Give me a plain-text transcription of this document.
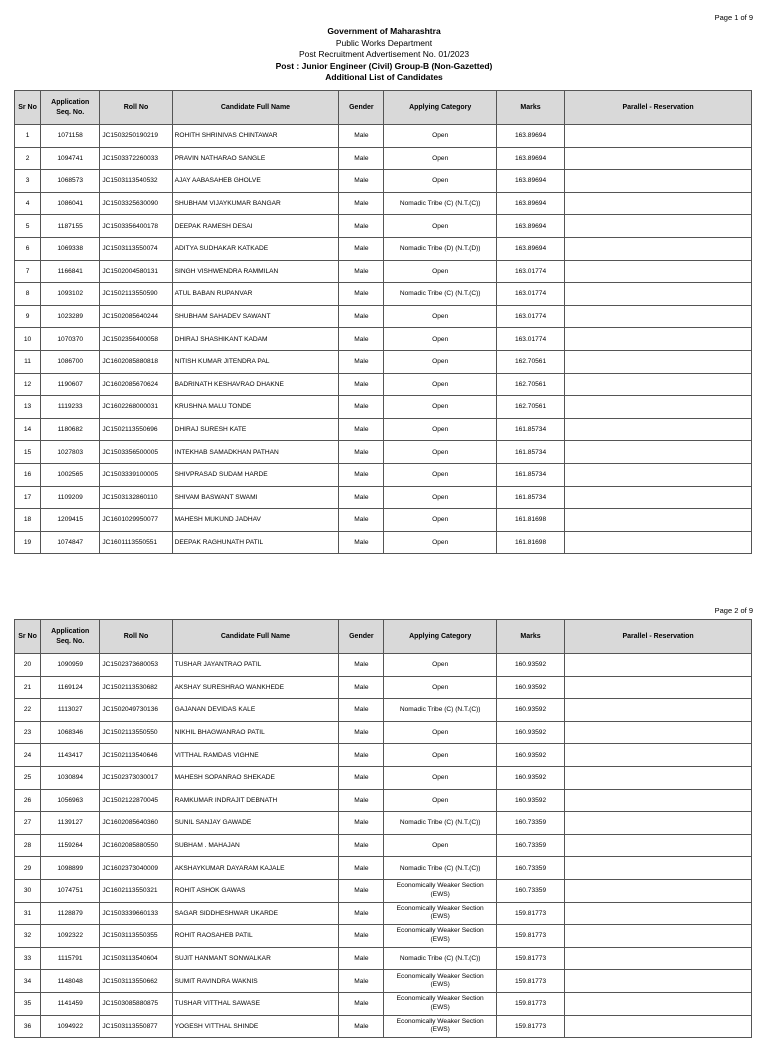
Page 1 of 9
Government of Maharashtra
Public Works Department
Post Recruitment Advertisement No. 01/2023
Post : Junior Engineer (Civil) Group-B (Non-Gazetted)
Additional List of Candidates
Sr No	Application Seq. No.	Roll No	Candidate Full Name	Gender	Applying Category	Marks	Parallel - Reservation
1	1071158	JC1503250190219	ROHITH SHRINIVAS CHINTAWAR	Male	Open	163.89694	
2	1094741	JC1503372260033	PRAVIN NATHARAO SANGLE	Male	Open	163.89694	
3	1068573	JC1503113540532	AJAY AABASAHEB GHOLVE	Male	Open	163.89694	
4	1086041	JC1503325630090	SHUBHAM VIJAYKUMAR BANGAR	Male	Nomadic Tribe (C) (N.T.(C))	163.89694	
5	1187155	JC1503356400178	DEEPAK RAMESH DESAI	Male	Open	163.89694	
6	1069338	JC1503113550074	ADITYA SUDHAKAR KATKADE	Male	Nomadic Tribe (D) (N.T.(D))	163.89694	
7	1166841	JC1502004580131	SINGH VISHWENDRA RAMMILAN	Male	Open	163.01774	
8	1093102	JC1502113550590	ATUL BABAN RUPANVAR	Male	Nomadic Tribe (C) (N.T.(C))	163.01774	
9	1023289	JC1502085640244	SHUBHAM SAHADEV SAWANT	Male	Open	163.01774	
10	1070370	JC1502356400058	DHIRAJ SHASHIKANT KADAM	Male	Open	163.01774	
11	1086700	JC1602085880818	NITISH KUMAR JITENDRA PAL	Male	Open	162.70561	
12	1190607	JC1602085670624	BADRINATH KESHAVRAO DHAKNE	Male	Open	162.70561	
13	1119233	JC1602268000031	KRUSHNA MALU TONDE	Male	Open	162.70561	
14	1180682	JC1502113550696	DHIRAJ SURESH KATE	Male	Open	161.85734	
15	1027803	JC1503356500005	INTEKHAB SAMADKHAN PATHAN	Male	Open	161.85734	
16	1002565	JC1503339100005	SHIVPRASAD SUDAM HARDE	Male	Open	161.85734	
17	1109209	JC1503132860110	SHIVAM BASWANT SWAMI	Male	Open	161.85734	
18	1209415	JC1601029950077	MAHESH MUKUND JADHAV	Male	Open	161.81698	
19	1074847	JC1601113550551	DEEPAK RAGHUNATH PATIL	Male	Open	161.81698	
Page 2 of 9
Sr No	Application Seq. No.	Roll No	Candidate Full Name	Gender	Applying Category	Marks	Parallel - Reservation
20	1090959	JC1502373680053	TUSHAR JAYANTRAO PATIL	Male	Open	160.93592	
21	1169124	JC1502113530682	AKSHAY SURESHRAO WANKHEDE	Male	Open	160.93592	
22	1113027	JC1502049730136	GAJANAN DEVIDAS KALE	Male	Nomadic Tribe (C) (N.T.(C))	160.93592	
23	1068346	JC1502113550550	NIKHIL BHAGWANRAO PATIL	Male	Open	160.93592	
24	1143417	JC1502113540646	VITTHAL RAMDAS VIGHNE	Male	Open	160.93592	
25	1030894	JC1502373030017	MAHESH SOPANRAO SHEKADE	Male	Open	160.93592	
26	1056963	JC1502122870045	RAMKUMAR INDRAJIT DEBNATH	Male	Open	160.93592	
27	1139127	JC1602085640360	SUNIL SANJAY GAWADE	Male	Nomadic Tribe (C) (N.T.(C))	160.73359	
28	1159264	JC1602085880550	SUBHAM . MAHAJAN	Male	Open	160.73359	
29	1098899	JC1602373040009	AKSHAYKUMAR DAYARAM KAJALE	Male	Nomadic Tribe (C) (N.T.(C))	160.73359	
30	1074751	JC1602113550321	ROHIT ASHOK GAWAS	Male	Economically Weaker Section (EWS)	160.73359	
31	1128879	JC1503339660133	SAGAR SIDDHESHWAR UKARDE	Male	Economically Weaker Section (EWS)	159.81773	
32	1092322	JC1503113550355	ROHIT RAOSAHEB PATIL	Male	Economically Weaker Section (EWS)	159.81773	
33	1115791	JC1503113540604	SUJIT HANMANT SONWALKAR	Male	Nomadic Tribe (C) (N.T.(C))	159.81773	
34	1148048	JC1503113550662	SUMIT RAVINDRA WAKNIS	Male	Economically Weaker Section (EWS)	159.81773	
35	1141459	JC1503085880875	TUSHAR VITTHAL SAWASE	Male	Economically Weaker Section (EWS)	159.81773	
36	1094922	JC1503113550877	YOGESH VITTHAL SHINDE	Male	Economically Weaker Section (EWS)	159.81773	
